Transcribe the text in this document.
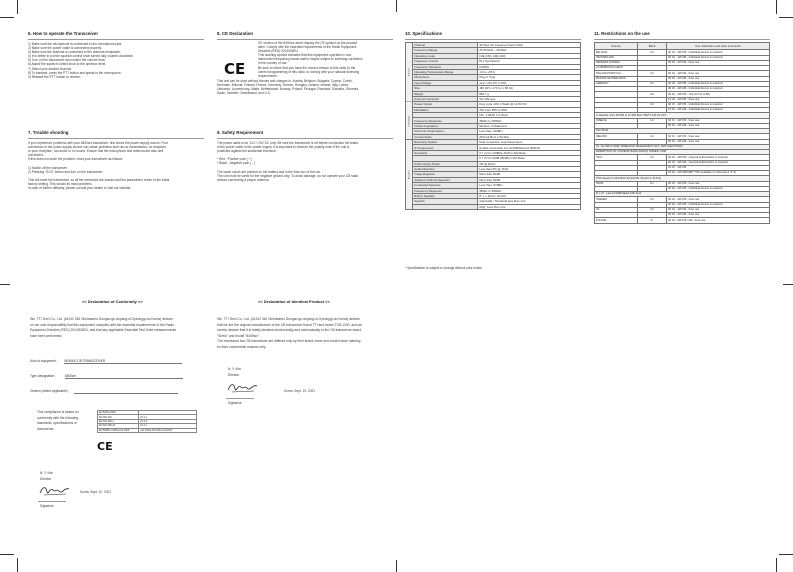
6. How to operate the Transceiver
1) Make sure the microphone is connected to the microphone jack.
2) Make sure the power cable is connected properly.
3) Make sure the antenna is connected to the antenna receptacle.
4) It is better to put the squelch control knob turned fully counter-clockwise.
5) Turn on the transceiver and control the volume level.
6) Adjust the squelch control knob to the optimum level.
7) Select your desired channel.
8) To transmit, press the PTT button and speak to the microphone.
9) Release the PTT button to receive.
7. Trouble shooting
If you experience problems with your 8400wx transceiver, first check the power supply source. Poor
connection of the power supply source can cause problems such as no transmission, no reception
or poor reception, low audio or no sound. Ensure that the microphone and antenna are also well
connected.
If this does not solve the problem, reset your transceiver as follows:

1) Switch off the transceiver.
2) Pressing "S/10" button and turn on the transceiver.

This will reset the transceiver, so all the memories are erased and the parameters return to the initial
factory setting. This should fix most problems.
In case of further difficulty, please consult your dealer or visit our website.
8. CE Declaration
CE
CE version of the 8400wx which display the CE symbol on the product
label. Comply with the essential requirements of the Radio Equipment
Directive (RED) 2014/53/EU.
This warning symbol indicates that this equipment operates in non-
harmonized frequency bands and/or maybe subject to licensing conditions
in the country of use.
Be sure to check that you have the correct version of this radio or the
correct programming of this radio, to comply with your national licensing
requirements.
This unit can be used without license and charges in: Austria, Belgium, Bulgaria, Cyprus, Czech,
Denmark, Estonia, Finland, France, Germany, Greece, Hungary, Iceland, Ireland, Italy, Latvia,
Lithuania, Luxembourg, Malta, Netherlands, Norway, Poland, Portugal, Romania, Slovakia, Slovenia,
Spain, Sweden, Switzerland, and U.K.
9. Safety Requirement
The power cable is for 13.2 / 24V DC only. Be sure the transceiver is off before connection the leads
of the power cable to the power supply. It is important to observe the polarity even if the unit is
protected against the accidental inversion:

* Red : Positive pole ( + )
* Black : Negative pole ( - )

The same colors are present on the battery and in the fuse box of the car.
The unit must be wired for the negative ground only. To avoid damage, do not operate your CB radio
without connecting a proper antenna.
10. Specifications
General	Channel	40 (See the frequency band chart)
	Frequency Range	26.56 MHz ~ 28.MHz
	Operating mode	F3E (FM), A3E (AM)
	Frequency Control	PLL Synthesizer
	Frequency Tolerance	0.005%
	Operating Temperature Range	-10 to +55 C
	Microphone	Plug-in Type
	Input Voltage	13.2 / 24V DC ± 15%
	Size	180 (W) x 173 (L) x 58 (H)
	Weight	882.7 g
	Antenna Connector	SO-239 type
Transmitter	Power Output	Duty cycle 10% 4 Watts @ 13.8V DC
	Modulation	AM: from 85% to 95%
		FM : 1.8KHz ± 0.2KHz
	Frequency Response	450Hz to 2500Hz
	Output Impedance	50ohms, Unbalanced
	Harmonic Suppression	Less than -36dBm
	Current Drain	AM Full Mod: 1.5A Max
Receiver	Receiving System	Dual conversion superheterodyne
	IF Frequencies	Double conversion 1st 10.695MHz/2nd 455KHz
	Sensitivity	0.7 uV for 10dB(S+N)/N in AM Mode
		0.7 uV for 20dB (80dB) in FM Mode
	Audio Output Power	2W @ 8ohm
	Audio Distortion	Less than 5% @ 1KHz
	Image Rejection	More than 60dB
	Adjacent Channel Rejection	More than 60dB
	Conducted Spurious	Less than -57dBm
	Frequency Response	450Hz to 2500Hz
	Built-in Speaker	8" + + 40mm, Round
	Squelch	Adjustable: Threshold less than 1uV
		ASQ: Less than 1uV
* Specification is subject to change without prior notice.
11. Restrictions on the use
Country	Band	Use restrictions and other comments
BELGIUM	EU	40 Ch - 4W FM - Individual licence is required
SWITZERLAND		40 Ch - 4W AM - Individual licence is required
DENMARK,NORWAY		40 Ch - 4W FM - Free use
LUXEMBOURG,CZECH		
FINLAND,PORTUGAL	EU	40 Ch - 4W FM - Free use
FRANCE,NETHERLANDS		40 Ch - 4W AM - Free use
GERMANY	EU	40 Ch - 4W FM - Individual licence is required
		40 Ch - 4W AM - Individual licence is required
	DE	40 Ch - 4W FM - Use (Ch 41 to 80)
		12 Ch - 4W AM - Free use
	EU	40 Ch - 4W FM - Individual licence is required
		12 Ch - 4W AM - Individual licence is required
In Allowed: from 26.565 to 27.405 MHz "BAPT 222 ZV 164"		
GREECE	EU	40 Ch - 4W FM - Free use
		40 Ch - 4W AM - Free use
Fair 26.62		
IRELAND	EU	40 Ch - 4W FM - Free use
		40 Ch - 4W AM - Free use
S.I. No 436 of 1998, WIRELESS TELEGRAPHY ACT, 1926 (SECTIONS)		
EXEMPTION OF CITIZENS' BAND RADIO) ORDER, 1998		
ITALY	EU	40 Ch - 4W FM - General authorization is required
		40 Ch - 4W AM - General authorization is required
		34 Ch - 4W FM
		34 Ch - 4W AM/SSB* (*Not available on channels 6, 8, 9)
PNF Issued on DM 08.07.02 (NOTE: 06 (AU.C. B 8 4))		
SPAIN	EU	40 Ch - 4W FM - Free use
		40 Ch - 4W AM - Individual licence is required
R.I. 37 - Law 11/1998 dated 24th April		
SWEDEN	EU	40 Ch - 4W FM - Free use
		40 Ch - 4W AM - Individual licence is required
UK	EU	40 Ch - 4W FM - Free use
		40 Ch - 4W AM - Free use
POLAND	PL	40 Ch - 4W FM / AM - Free use
<< Declaration of Conformity >>
We, TTI Tech Co., Ltd. (#1312 361 Simindaero Dongan-gu Anyang-si Gyeonggi-do Korea) declare
on our sole responsibility that this equipment complies with the essential requirements of the Radio
Equipment Directive (RED) 2014/53/EU, and that any applicable Essential Test Suite measurements
have been performed.
Kind of equipment : MOBILE CB TRANSCEIVER
Type-designation :	8400wx
Version (where applicable) :
This compliance is based on
conformity with the following
standards, specifications or
documents :
EN 62311:2008	
EN 300 433	V2.1.1
EN 301 489-1	V2.2.3
EN 301 489-13	V1.2.1
EN 60950-1:2006+A11:2009	+A1:2010+A12:2011+A2:2013
CE
N. Y. Kim
Director
Korea, Sept. 10, 2021
Signature
<< Declaration of Identical Product >>
We, TTI Tech Co., Ltd. (#1312 361 Simindaero Dongan-gu Anyang-si Gyeonggi-do Korea) declare
that we are the original manufacturer of the CB transceiver brand TTI and model TCB-1100, and we
hereby declare that it is totally identical electronically and mechanically to the CB transceiver brand
"Sirrtio" and model "8400wx".
The mentioned two CB transceiver are differed only by their brand name and model name marking
for their commercial reasons only.
N. Y. Kim
Director
Korea, Sept. 10, 2021
Signature
